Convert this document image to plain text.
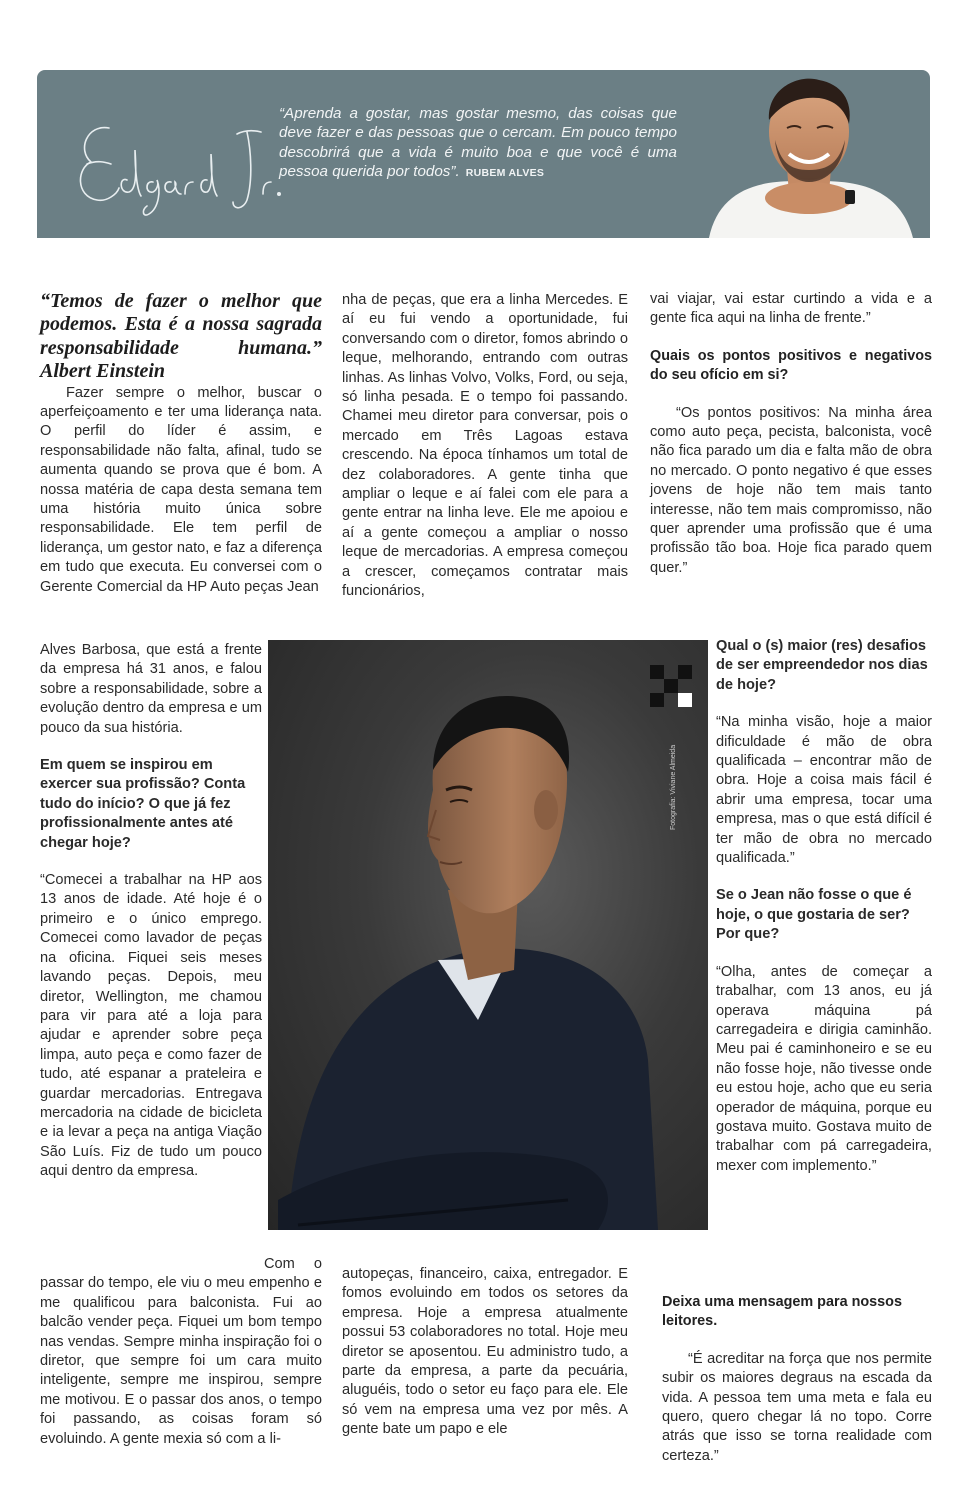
“Aprenda a gostar, mas gostar mesmo, das coisas que deve fazer e das pessoas que o cercam. Em pouco tempo descobrirá que a vida é muito boa e que você é uma pessoa querida por todos”. RUBEM ALVES

“Temos de fazer o melhor que podemos. Esta é a nossa sagrada responsabilidade humana.” Albert Einstein

Fazer sempre o melhor, buscar o aperfeiçoamento e ter uma liderança nata. O perfil do líder é assim, e responsabilidade não falta, afinal, tudo se aumenta quando se prova que é bom. A nossa matéria de capa desta semana tem uma história muito única sobre responsabilidade. Ele tem perfil de liderança, um gestor nato, e faz a diferença em tudo que executa. Eu conversei com o Gerente Comercial da HP Auto peças Jean

Alves Barbosa, que está a frente da empresa há 31 anos, e falou sobre a responsabilidade, sobre a evolução dentro da empresa e um pouco da sua história.

Em quem se inspirou em exercer sua profissão? Conta tudo do início? O que já fez profissionalmente antes até chegar hoje?

“Comecei a trabalhar na HP aos 13 anos de idade. Até hoje é o primeiro e o único emprego. Comecei como lavador de peças na oficina. Fiquei seis meses lavando peças. Depois, meu diretor, Wellington, me chamou para vir para até a loja para ajudar e aprender sobre peça limpa, auto peça e como fazer de tudo, até espanar a prateleira e guardar mercadorias. Entregava mercadoria na cidade de bicicleta e ia levar a peça na antiga Viação São Luís. Fiz de tudo um pouco aqui dentro da empresa.

Com o passar do tempo, ele viu o meu empenho e me qualificou para balconista. Fui ao balcão vender peça. Fiquei um bom tempo nas vendas. Sempre minha inspiração foi o diretor, que sempre foi um cara muito inteligente, sempre me inspirou, sempre me motivou. E o passar dos anos, o tempo foi passando, as coisas foram só evoluindo. A gente mexia só com a li-

nha de peças, que era a linha Mercedes. E aí eu fui vendo a oportunidade, fui conversando com o diretor, fomos abrindo o leque, melhorando, entrando com outras linhas. As linhas Volvo, Volks, Ford, ou seja, só linha pesada. E o tempo foi passando. Chamei meu diretor para conversar, pois o mercado em Três Lagoas estava crescendo. Na época tínhamos um total de dez colaboradores. A gente tinha que ampliar o leque e aí falei com ele para a gente entrar na linha leve. Ele me apoiou e aí a gente começou a ampliar o nosso leque de mercadorias. A empresa começou a crescer, começamos contratar mais funcionários,

autopeças, financeiro, caixa, entregador. E fomos evoluindo em todos os setores da empresa. Hoje a empresa atualmente possui 53 colaboradores no total. Hoje meu diretor se aposentou. Eu administro tudo, a parte da empresa, a parte da pecuária, aluguéis, todo o setor eu faço para ele. Ele só vem na empresa uma vez por mês. A gente bate um papo e ele

vai viajar, vai estar curtindo a vida e a gente fica aqui na linha de frente.”

Quais os pontos positivos e negativos do seu ofício em si?

“Os pontos positivos: Na minha área como auto peça, pecista, balconista, você não fica parado um dia e falta mão de obra no mercado. O ponto negativo é que esses jovens de hoje não tem mais tanto interesse, não tem mais compromisso, não quer aprender uma profissão que é uma profissão tão boa. Hoje fica parado quem quer.”

Qual o (s) maior (res) desafios de ser empreendedor nos dias de hoje?

“Na minha visão, hoje a maior dificuldade é mão de obra qualificada – encontrar mão de obra. Hoje a coisa mais fácil é abrir uma empresa, tocar uma empresa, mas o que está difícil é ter mão de obra no mercado qualificada.”

Se o Jean não fosse o que é hoje, o que gostaria de ser? Por que?

“Olha, antes de começar a trabalhar, com 13 anos, eu já operava máquina pá carregadeira e dirigia caminhão. Meu pai é caminhoneiro e se eu não fosse hoje, não tivesse onde eu estou hoje, acho que eu seria operador de máquina, porque eu gostava muito. Gostava muito de trabalhar com pá carregadeira, mexer com implemento.”

Deixa uma mensagem para nossos leitores.

“É acreditar na força que nos permite subir os maiores degraus na escada da vida. A pessoa tem uma meta e fala eu quero, quero chegar lá no topo. Corre atrás que isso se torna realidade com certeza.”

Fotografia: Viviane Almeida
